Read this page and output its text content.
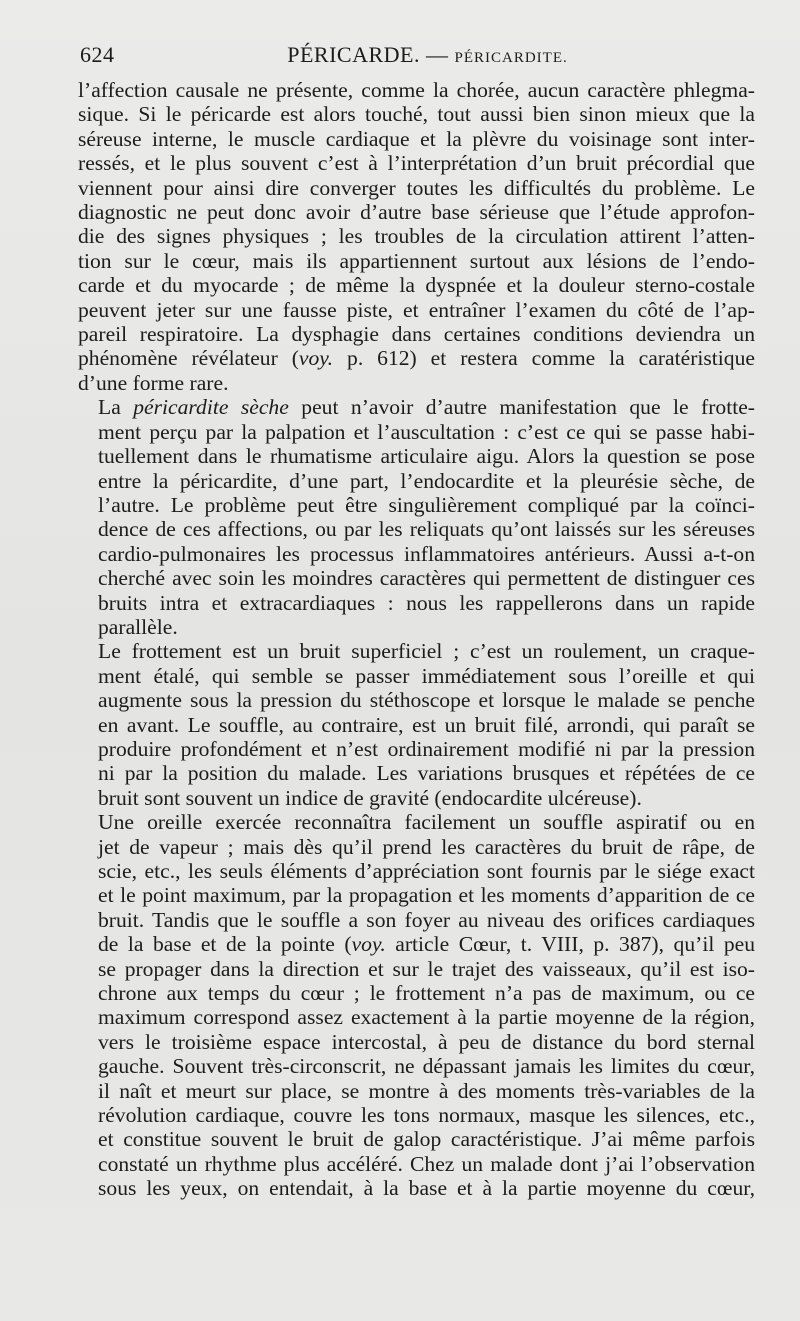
624	PÉRICARDE. — PÉRICARDITE.

l’affection causale ne présente, comme la chorée, aucun caractère phlegma-
sique. Si le péricarde est alors touché, tout aussi bien sinon mieux que la
séreuse interne, le muscle cardiaque et la plèvre du voisinage sont inter-
ressés, et le plus souvent c’est à l’interprétation d’un bruit précordial que
viennent pour ainsi dire converger toutes les difficultés du problème. Le
diagnostic ne peut donc avoir d’autre base sérieuse que l’étude approfon-
die des signes physiques ; les troubles de la circulation attirent l’atten-
tion sur le cœur, mais ils appartiennent surtout aux lésions de l’endo-
carde et du myocarde ; de même la dyspnée et la douleur sterno-costale
peuvent jeter sur une fausse piste, et entraîner l’examen du côté de l’ap-
pareil respiratoire. La dysphagie dans certaines conditions deviendra un
phénomène révélateur (voy. p. 612) et restera comme la caratéristique
d’une forme rare.

La péricardite sèche peut n’avoir d’autre manifestation que le frotte-
ment perçu par la palpation et l’auscultation : c’est ce qui se passe habi-
tuellement dans le rhumatisme articulaire aigu. Alors la question se pose
entre la péricardite, d’une part, l’endocardite et la pleurésie sèche, de
l’autre. Le problème peut être singulièrement compliqué par la coïnci-
dence de ces affections, ou par les reliquats qu’ont laissés sur les séreuses
cardio-pulmonaires les processus inflammatoires antérieurs. Aussi a-t-on
cherché avec soin les moindres caractères qui permettent de distinguer ces
bruits intra et extracardiaques : nous les rappellerons dans un rapide
parallèle.

Le frottement est un bruit superficiel ; c’est un roulement, un craque-
ment étalé, qui semble se passer immédiatement sous l’oreille et qui
augmente sous la pression du stéthoscope et lorsque le malade se penche
en avant. Le souffle, au contraire, est un bruit filé, arrondi, qui paraît se
produire profondément et n’est ordinairement modifié ni par la pression
ni par la position du malade. Les variations brusques et répétées de ce
bruit sont souvent un indice de gravité (endocardite ulcéreuse).

Une oreille exercée reconnaîtra facilement un souffle aspiratif ou en
jet de vapeur ; mais dès qu’il prend les caractères du bruit de râpe, de
scie, etc., les seuls éléments d’appréciation sont fournis par le siége exact
et le point maximum, par la propagation et les moments d’apparition de ce
bruit. Tandis que le souffle a son foyer au niveau des orifices cardiaques
de la base et de la pointe (voy. article Cœur, t. VIII, p. 387), qu’il peu
se propager dans la direction et sur le trajet des vaisseaux, qu’il est iso-
chrone aux temps du cœur ; le frottement n’a pas de maximum, ou ce
maximum correspond assez exactement à la partie moyenne de la région,
vers le troisième espace intercostal, à peu de distance du bord sternal
gauche. Souvent très-circonscrit, ne dépassant jamais les limites du cœur,
il naît et meurt sur place, se montre à des moments très-variables de la
révolution cardiaque, couvre les tons normaux, masque les silences, etc.,
et constitue souvent le bruit de galop caractéristique. J’ai même parfois
constaté un rhythme plus accéléré. Chez un malade dont j’ai l’observation
sous les yeux, on entendait, à la base et à la partie moyenne du cœur,
